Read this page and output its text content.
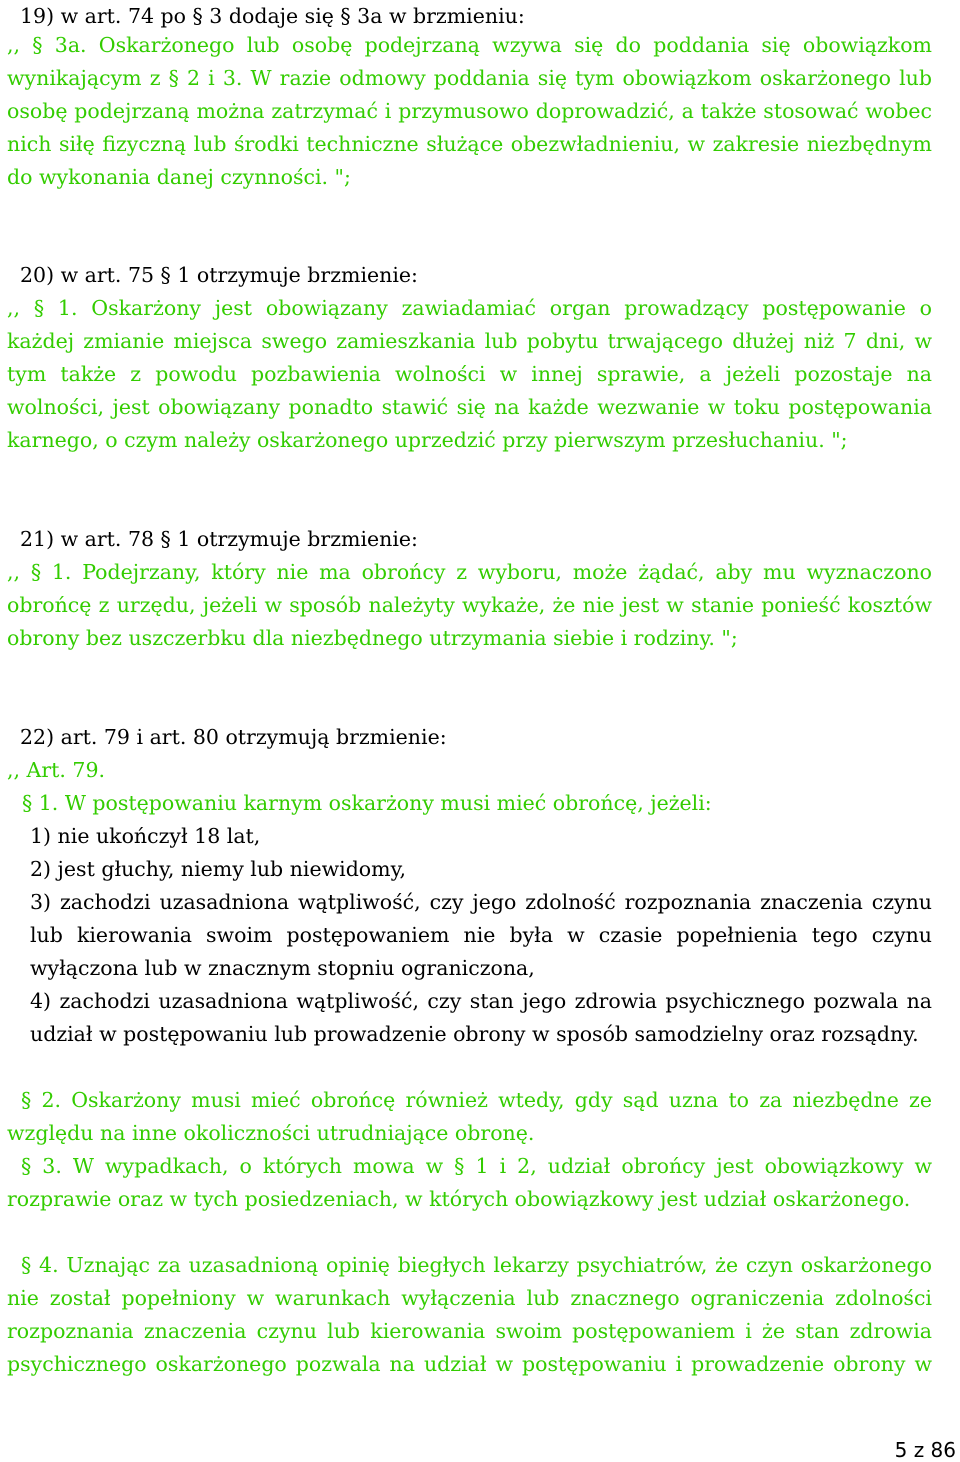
19) w art. 74 po § 3 dodaje się § 3a w brzmieniu:

,, § 3a. Oskarżonego lub osobę podejrzaną wzywa się do poddania się obowiązkom wynikającym z § 2 i 3. W razie odmowy poddania się tym obowiązkom oskarżonego lub osobę podejrzaną można zatrzymać i przymusowo doprowadzić, a także stosować wobec nich siłę fizyczną lub środki techniczne służące obezwładnieniu, w zakresie niezbędnym do wykonania danej czynności. ";

20) w art. 75 § 1 otrzymuje brzmienie:

,, § 1. Oskarżony jest obowiązany zawiadamiać organ prowadzący postępowanie o każdej zmianie miejsca swego zamieszkania lub pobytu trwającego dłużej niż 7 dni, w tym także z powodu pozbawienia wolności w innej sprawie, a jeżeli pozostaje na wolności, jest obowiązany ponadto stawić się na każde wezwanie w toku postępowania karnego, o czym należy oskarżonego uprzedzić przy pierwszym przesłuchaniu. ";

21) w art. 78 § 1 otrzymuje brzmienie:

,, § 1. Podejrzany, który nie ma obrońcy z wyboru, może żądać, aby mu wyznaczono obrońcę z urzędu, jeżeli w sposób należyty wykaże, że nie jest w stanie ponieść kosztów obrony bez uszczerbku dla niezbędnego utrzymania siebie i rodziny. ";

22) art. 79 i art. 80 otrzymują brzmienie:

,, Art. 79.

§ 1. W postępowaniu karnym oskarżony musi mieć obrońcę, jeżeli:

1) nie ukończył 18 lat,

2) jest głuchy, niemy lub niewidomy,

3) zachodzi uzasadniona wątpliwość, czy jego zdolność rozpoznania znaczenia czynu lub kierowania swoim postępowaniem nie była w czasie popełnienia tego czynu wyłączona lub w znacznym stopniu ograniczona,

4) zachodzi uzasadniona wątpliwość, czy stan jego zdrowia psychicznego pozwala na udział w postępowaniu lub prowadzenie obrony w sposób samodzielny oraz rozsądny.

§ 2. Oskarżony musi mieć obrońcę również wtedy, gdy sąd uzna to za niezbędne ze względu na inne okoliczności utrudniające obronę.

§ 3. W wypadkach, o których mowa w § 1 i 2, udział obrońcy jest obowiązkowy w rozprawie oraz w tych posiedzeniach, w których obowiązkowy jest udział oskarżonego.

§ 4. Uznając za uzasadnioną opinię biegłych lekarzy psychiatrów, że czyn oskarżonego nie został popełniony w warunkach wyłączenia lub znacznego ograniczenia zdolności rozpoznania znaczenia czynu lub kierowania swoim postępowaniem i że stan zdrowia psychicznego oskarżonego pozwala na udział w postępowaniu i prowadzenie obrony w

5 z 86
